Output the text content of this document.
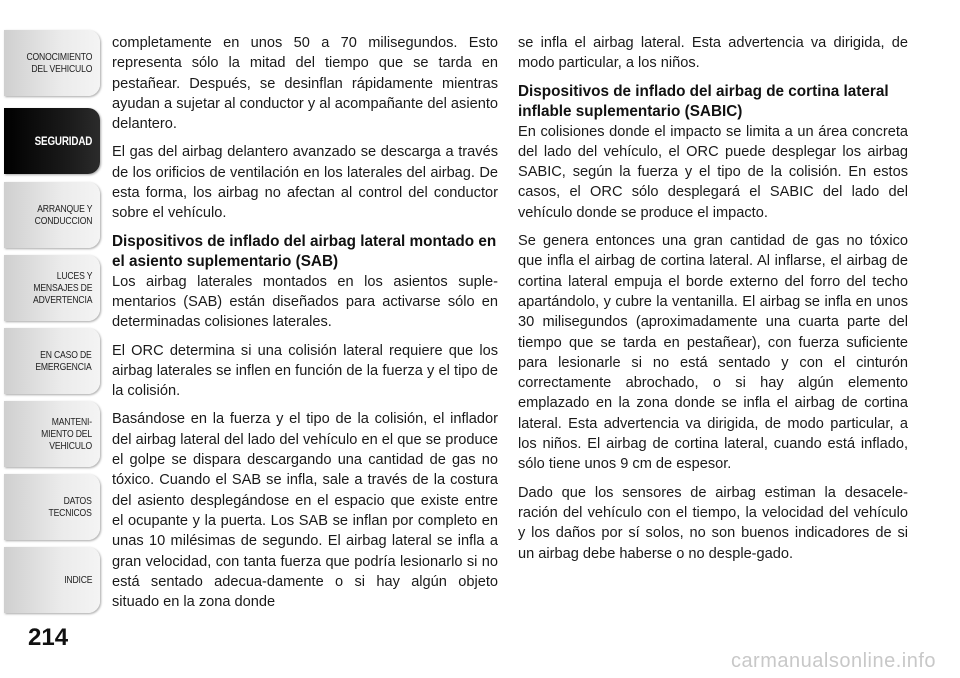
CONOCIMIENTO
DEL VEHICULO
SEGURIDAD
ARRANQUE Y
CONDUCCION
LUCES Y
MENSAJES DE
ADVERTENCIA
EN CASO DE
EMERGENCIA
MANTENI-
MIENTO DEL
VEHICULO
DATOS
TECNICOS
INDICE
214

completamente en unos 50 a 70 milisegundos. Esto representa sólo la mitad del tiempo que se tarda en pestañear. Después, se desinflan rápidamente mientras ayudan a sujetar al conductor y al acompañante del asiento delantero.

El gas del airbag delantero avanzado se descarga a través de los orificios de ventilación en los laterales del airbag. De esta forma, los airbag no afectan al control del conductor sobre el vehículo.

Dispositivos de inflado del airbag lateral montado en el asiento suplementario (SAB)

Los airbag laterales montados en los asientos suple-mentarios (SAB) están diseñados para activarse sólo en determinadas colisiones laterales.

El ORC determina si una colisión lateral requiere que los airbag laterales se inflen en función de la fuerza y el tipo de la colisión.

Basándose en la fuerza y el tipo de la colisión, el inflador del airbag lateral del lado del vehículo en el que se produce el golpe se dispara descargando una cantidad de gas no tóxico. Cuando el SAB se infla, sale a través de la costura del asiento desplegándose en el espacio que existe entre el ocupante y la puerta. Los SAB se inflan por completo en unas 10 milésimas de segundo. El airbag lateral se infla a gran velocidad, con tanta fuerza que podría lesionarlo si no está sentado adecua-damente o si hay algún objeto situado en la zona donde

se infla el airbag lateral. Esta advertencia va dirigida, de modo particular, a los niños.

Dispositivos de inflado del airbag de cortina lateral inflable suplementario (SABIC)

En colisiones donde el impacto se limita a un área concreta del lado del vehículo, el ORC puede desplegar los airbag SABIC, según la fuerza y el tipo de la colisión. En estos casos, el ORC sólo desplegará el SABIC del lado del vehículo donde se produce el impacto.

Se genera entonces una gran cantidad de gas no tóxico que infla el airbag de cortina lateral. Al inflarse, el airbag de cortina lateral empuja el borde externo del forro del techo apartándolo, y cubre la ventanilla. El airbag se infla en unos 30 milisegundos (aproximadamente una cuarta parte del tiempo que se tarda en pestañear), con fuerza suficiente para lesionarle si no está sentado y con el cinturón correctamente abrochado, o si hay algún elemento emplazado en la zona donde se infla el airbag de cortina lateral. Esta advertencia va dirigida, de modo particular, a los niños. El airbag de cortina lateral, cuando está inflado, sólo tiene unos 9 cm de espesor.

Dado que los sensores de airbag estiman la desacele-ración del vehículo con el tiempo, la velocidad del vehículo y los daños por sí solos, no son buenos indicadores de si un airbag debe haberse o no desple-gado.

carmanualsonline.info
